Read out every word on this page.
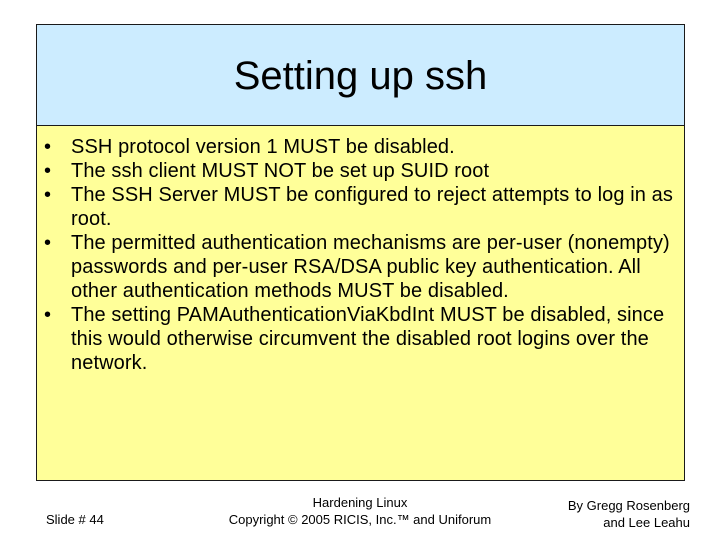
Setting up ssh
• SSH protocol version 1 MUST be disabled.
• The ssh client MUST NOT be set up SUID root
• The SSH Server MUST be configured to reject attempts to log in as root.
• The permitted authentication mechanisms are per-user (nonempty) passwords and per-user RSA/DSA public key authentication. All other authentication methods MUST be disabled.
• The setting PAMAuthenticationViaKbdInt MUST be disabled, since this would otherwise circumvent the disabled root logins over the network.
Slide # 44
Hardening Linux
Copyright © 2005 RICIS, Inc.™ and Uniforum
By Gregg Rosenberg
and Lee Leahu
